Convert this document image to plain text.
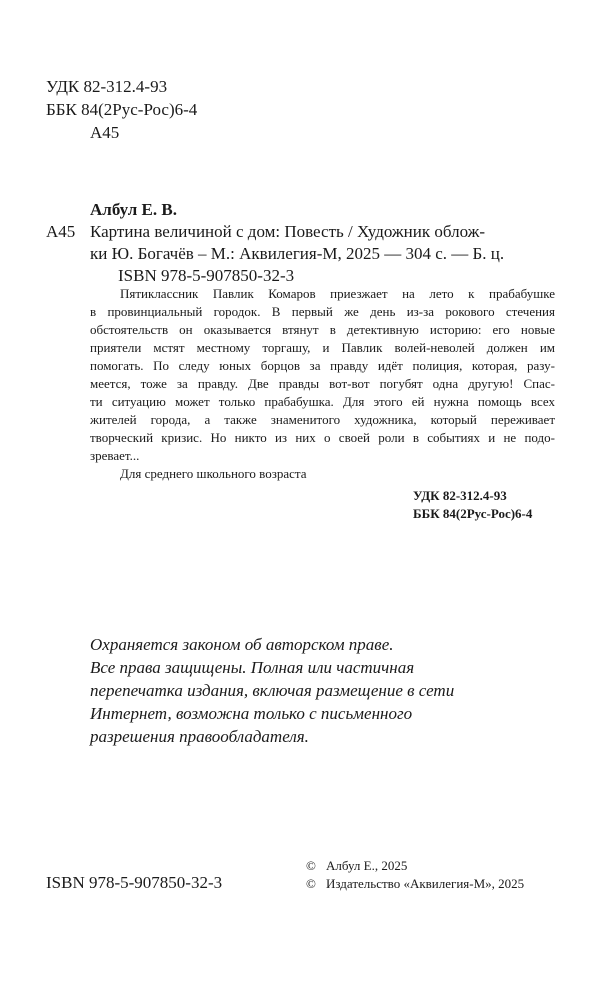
УДК 82-312.4-93
ББК 84(2Рус-Рос)6-4
А45
Албул Е. В.
А45 Картина величиной с дом: Повесть / Художник облож-
ки Ю. Богачёв – М.: Аквилегия-М, 2025 — 304 с. — Б. ц.
ISBN 978-5-907850-32-3
Пятиклассник Павлик Комаров приезжает на лето к прабабушке
в провинциальный городок. В первый же день из-за рокового стечения
обстоятельств он оказывается втянут в детективную историю: его новые
приятели мстят местному торгашу, и Павлик волей-неволей должен им
помогать. По следу юных борцов за правду идёт полиция, которая, разу-
меется, тоже за правду. Две правды вот-вот погубят одна другую! Спас-
ти ситуацию может только прабабушка. Для этого ей нужна помощь всех
жителей города, а также знаменитого художника, который переживает
творческий кризис. Но никто из них о своей роли в событиях и не подо-
зревает...
Для среднего школьного возраста
УДК 82-312.4-93
ББК 84(2Рус-Рос)6-4
Охраняется законом об авторском праве.
Все права защищены. Полная или частичная
перепечатка издания, включая размещение в сети
Интернет, возможна только с письменного
разрешения правообладателя.
ISBN 978-5-907850-32-3
© Албул Е., 2025
© Издательство «Аквилегия-М», 2025
